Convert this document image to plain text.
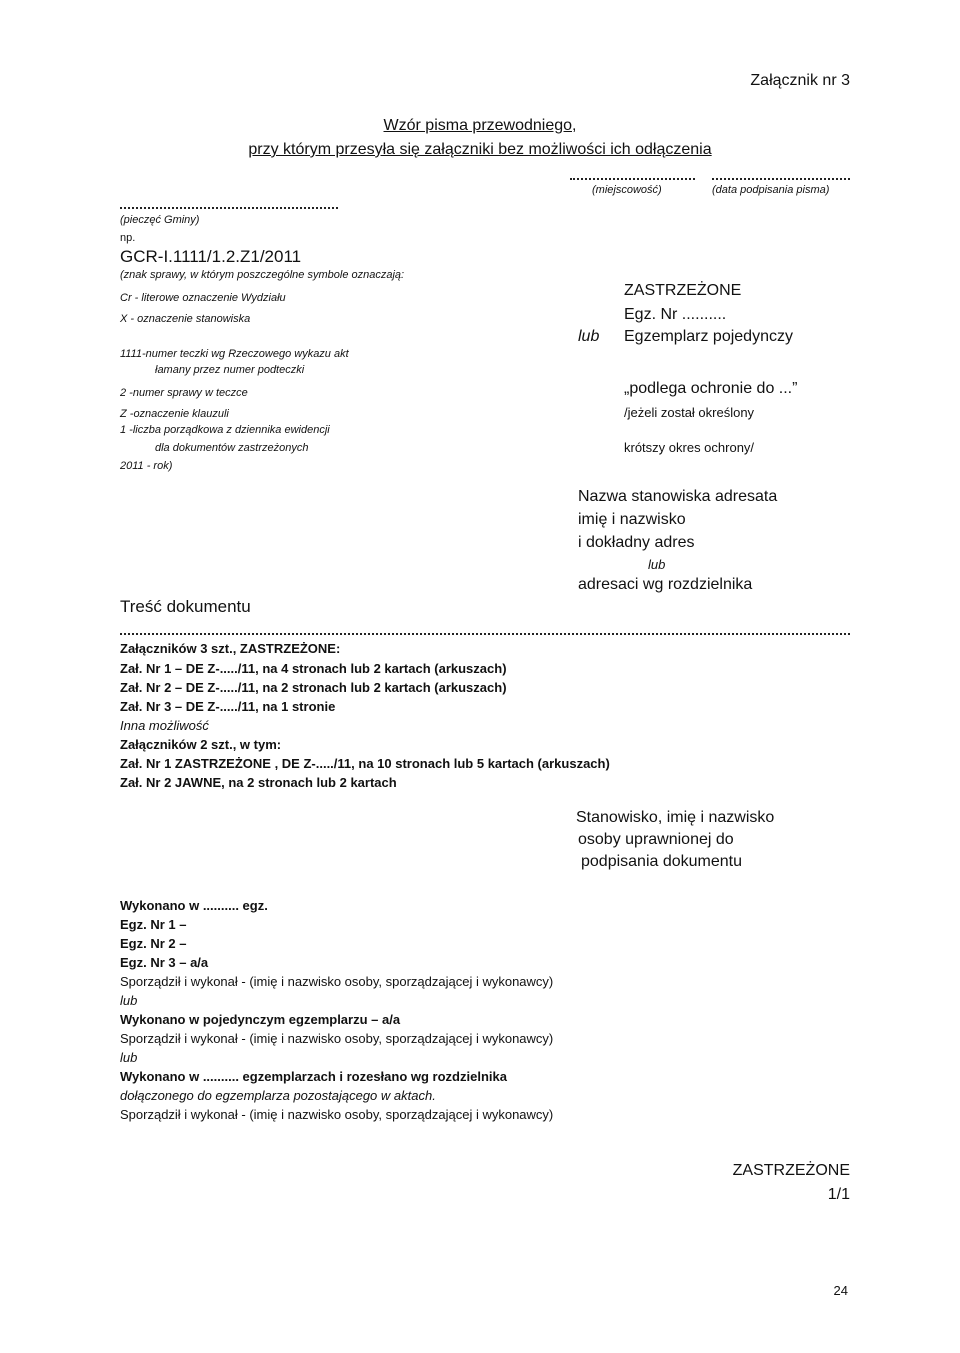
Załącznik nr 3
Wzór pisma przewodniego,
przy którym przesyła się załączniki bez możliwości ich odłączenia
(miejscowość)	(data podpisania pisma)
(pieczęć Gminy)
np.
GCR-I.1111/1.2.Z1/2011
(znak sprawy, w którym poszczególne symbole oznaczają:
Cr - literowe oznaczenie Wydziału
X - oznaczenie stanowiska
1111-numer teczki wg Rzeczowego wykazu akt
łamany przez numer podteczki
2 -numer sprawy w teczce
Z -oznaczenie klauzuli
1 -liczba porządkowa z dziennika ewidencji
dla dokumentów zastrzeżonych
2011 - rok)
ZASTRZEŻONE
Egz. Nr ..........
lub Egzemplarz pojedynczy
„podlega ochronie do ...”
/jeżeli został określony
krótszy okres ochrony/
Nazwa stanowiska adresata
imię i nazwisko
i dokładny adres
lub
adresaci wg rozdzielnika
Treść dokumentu
Załączników 3 szt., ZASTRZEŻONE:
Zał. Nr 1 – DE Z-...../11, na 4 stronach lub 2 kartach (arkuszach)
Zał. Nr 2 – DE Z-...../11, na 2 stronach lub 2 kartach (arkuszach)
Zał. Nr 3 – DE Z-...../11, na 1 stronie
Inna możliwość
Załączników 2 szt., w tym:
Zał. Nr 1 ZASTRZEŻONE , DE Z-...../11, na 10 stronach lub 5 kartach (arkuszach)
Zał. Nr 2 JAWNE, na 2 stronach lub 2 kartach
Stanowisko, imię i nazwisko
osoby uprawnionej do
podpisania dokumentu
Wykonano w .......... egz.
Egz. Nr 1 –
Egz. Nr 2 –
Egz. Nr 3 – a/a
Sporządził i wykonał - (imię i nazwisko osoby, sporządzającej i wykonawcy)
lub
Wykonano w pojedynczym egzemplarzu – a/a
Sporządził i wykonał - (imię i nazwisko osoby, sporządzającej i wykonawcy)
lub
Wykonano w .......... egzemplarzach i rozesłano wg rozdzielnika
dołączonego do egzemplarza pozostającego w aktach.
Sporządził i wykonał - (imię i nazwisko osoby, sporządzającej i wykonawcy)
ZASTRZEŻONE
1/1
24
